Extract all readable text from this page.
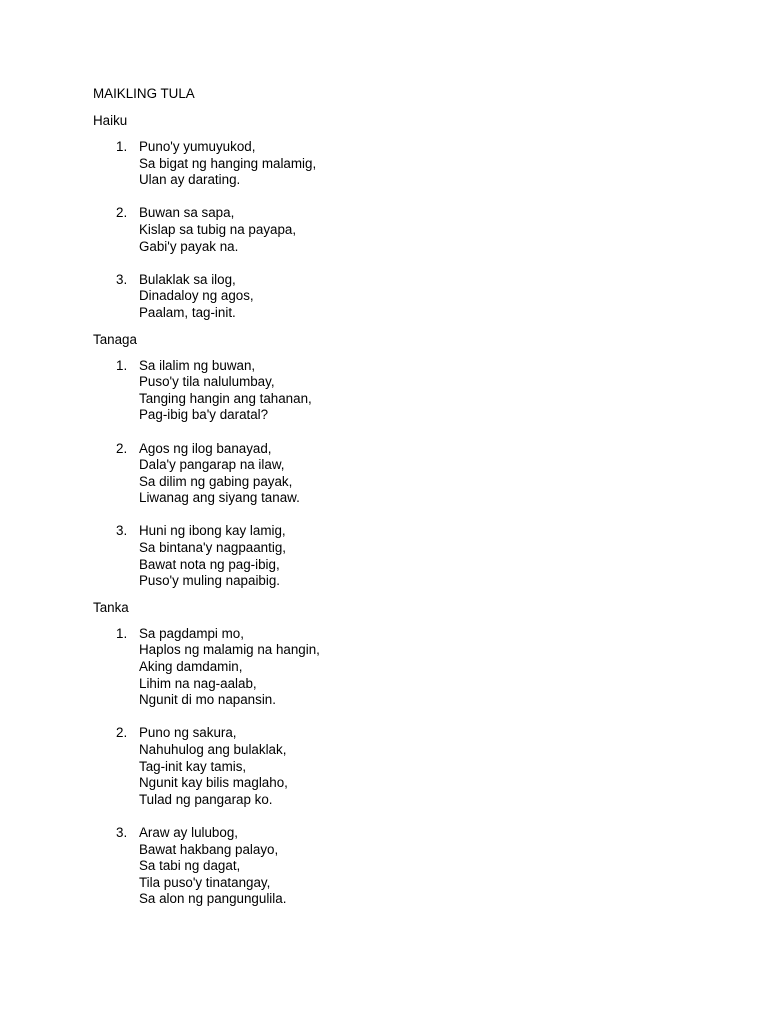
MAIKLING TULA
Haiku
1. Puno'y yumuyukod,
Sa bigat ng hanging malamig,
Ulan ay darating.
2. Buwan sa sapa,
Kislap sa tubig na payapa,
Gabi'y payak na.
3. Bulaklak sa ilog,
Dinadaloy ng agos,
Paalam, tag-init.
Tanaga
1. Sa ilalim ng buwan,
Puso'y tila nalulumbay,
Tanging hangin ang tahanan,
Pag-ibig ba'y daratal?
2. Agos ng ilog banayad,
Dala'y pangarap na ilaw,
Sa dilim ng gabing payak,
Liwanag ang siyang tanaw.
3. Huni ng ibong kay lamig,
Sa bintana'y nagpaantig,
Bawat nota ng pag-ibig,
Puso'y muling napaibig.
Tanka
1. Sa pagdampi mo,
Haplos ng malamig na hangin,
Aking damdamin,
Lihim na nag-aalab,
Ngunit di mo napansin.
2. Puno ng sakura,
Nahuhulog ang bulaklak,
Tag-init kay tamis,
Ngunit kay bilis maglaho,
Tulad ng pangarap ko.
3. Araw ay lulubog,
Bawat hakbang palayo,
Sa tabi ng dagat,
Tila puso'y tinatangay,
Sa alon ng pangungulila.
